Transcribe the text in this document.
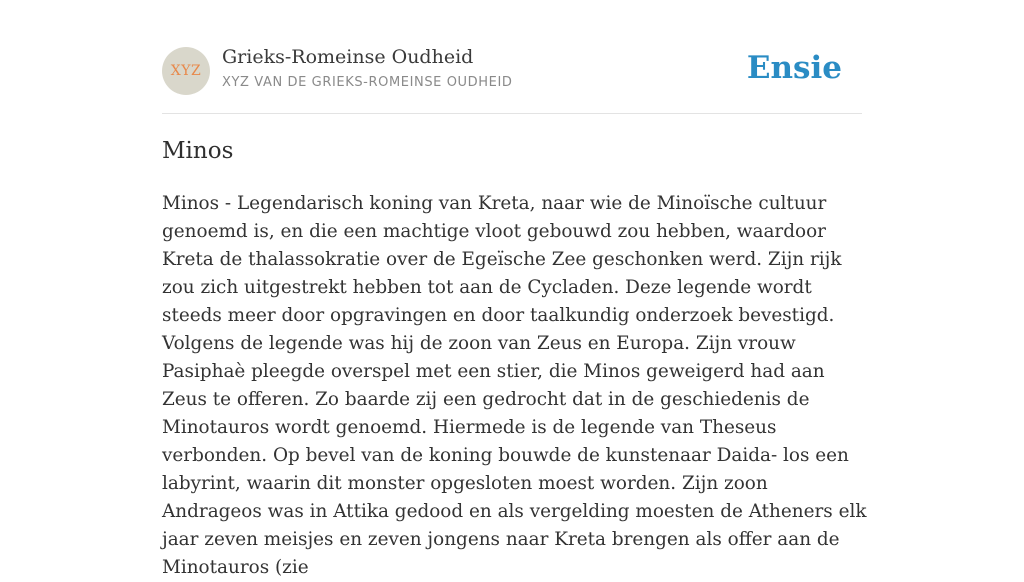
XYZ
Grieks-Romeinse Oudheid
XYZ VAN DE GRIEKS-ROMEINSE OUDHEID	Ensie
Minos

Minos - Legendarisch koning van Kreta, naar wie de Minoïsche cultuur genoemd is, en die een machtige vloot gebouwd zou hebben, waardoor Kreta de thalassokratie over de Egeïsche Zee geschonken werd. Zijn rijk zou zich uitgestrekt hebben tot aan de Cycladen. Deze legende wordt steeds meer door opgravingen en door taalkundig onderzoek bevestigd. Volgens de legende was hij de zoon van Zeus en Europa. Zijn vrouw Pasiphaè pleegde overspel met een stier, die Minos geweigerd had aan Zeus te offeren. Zo baarde zij een gedrocht dat in de geschiedenis de Minotauros wordt genoemd. Hiermede is de legende van Theseus verbonden. Op bevel van de koning bouwde de kunstenaar Daida- los een labyrint, waarin dit monster opgesloten moest worden. Zijn zoon Andrageos was in Attika gedood en als vergelding moesten de Atheners elk jaar zeven meisjes en zeven jongens naar Kreta brengen als offer aan de Minotauros (zie
